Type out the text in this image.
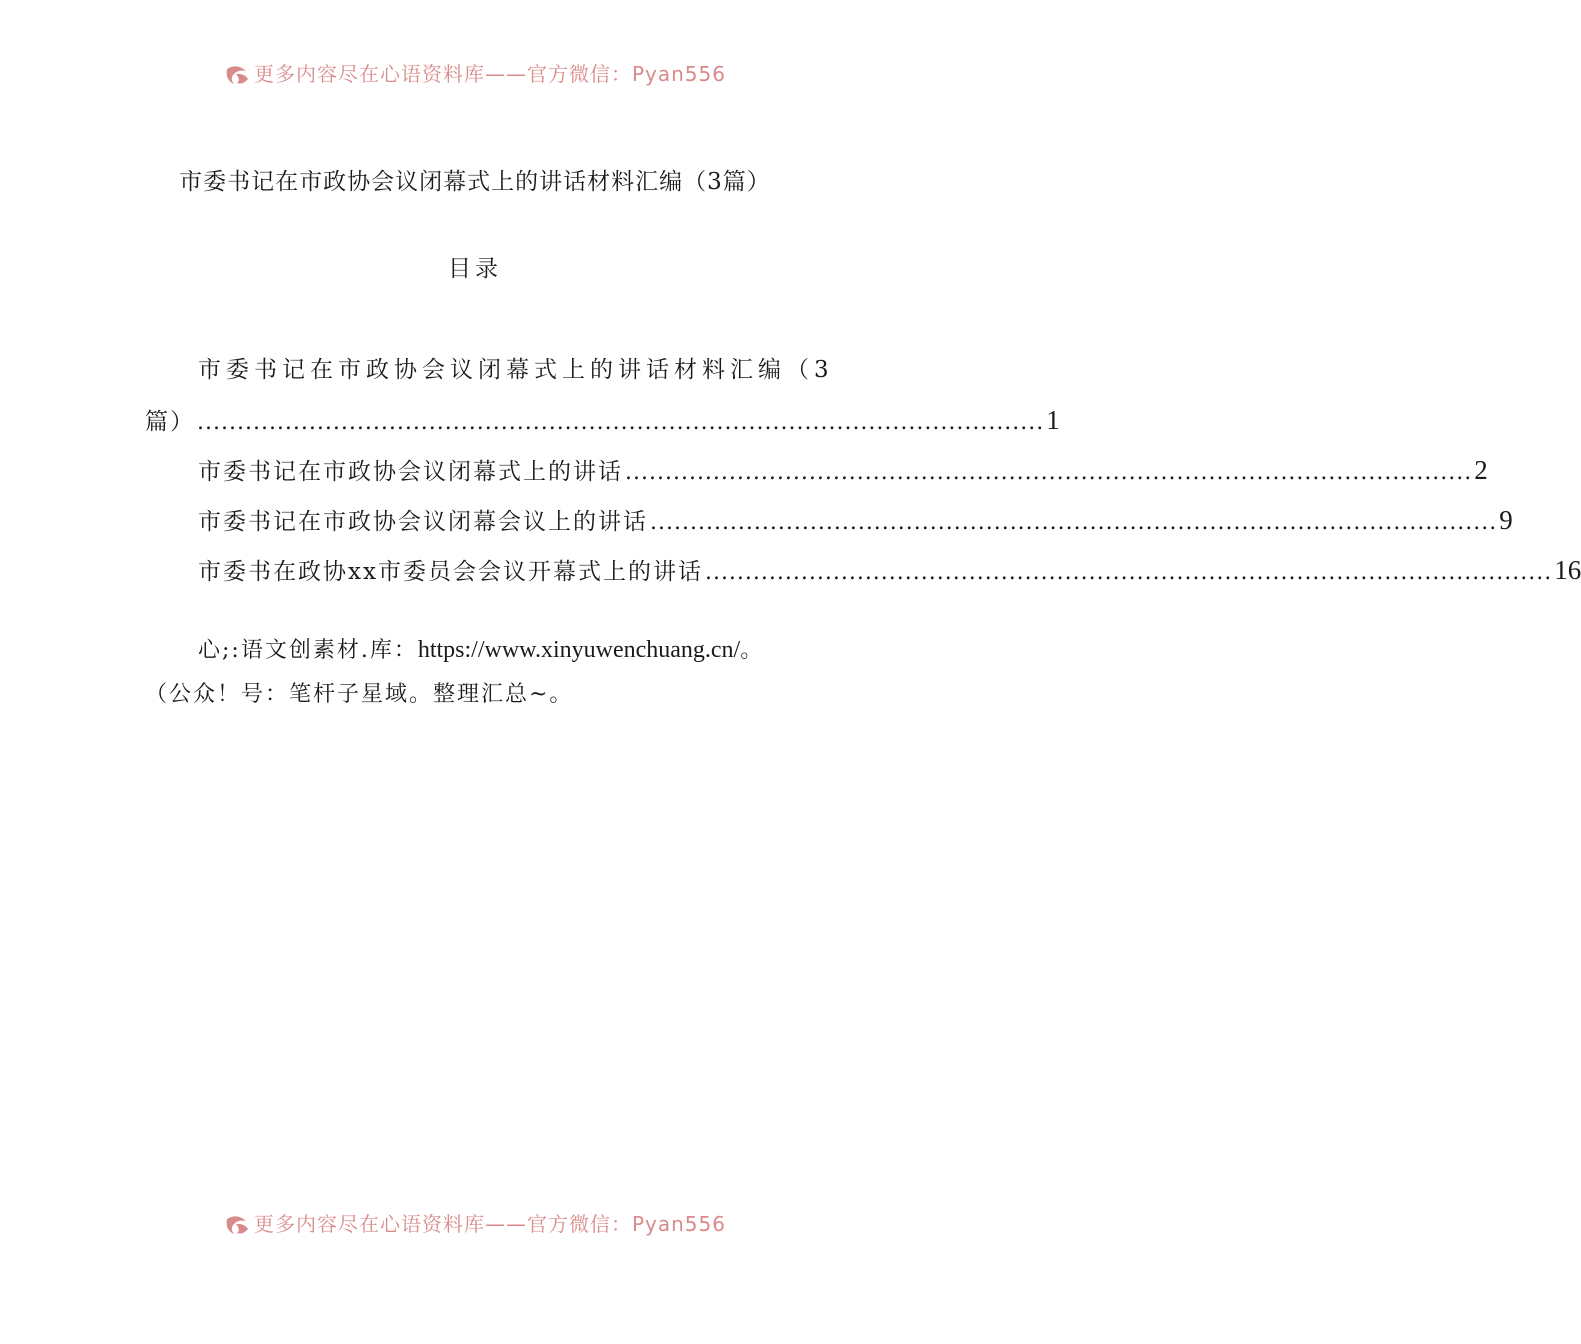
更多内容尽在心语资料库——官方微信：Pyan556
市委书记在市政协会议闭幕式上的讲话材料汇编（3篇）
目录
市委书记在市政协会议闭幕式上的讲话材料汇编（3
篇） .......................................................................................................... 1
市委书记在市政协会议闭幕式上的讲话 .......................................................................................................... 2
市委书记在市政协会议闭幕会议上的讲话 .......................................................................................................... 9
市委书在政协xx市委员会会议开幕式上的讲话 .......................................................................................................... 16
心;:语文创素材.库：https://www.xinyuwenchuang.cn/。
（公众！号：笔杆子星域。整理汇总~。
更多内容尽在心语资料库——官方微信：Pyan556
